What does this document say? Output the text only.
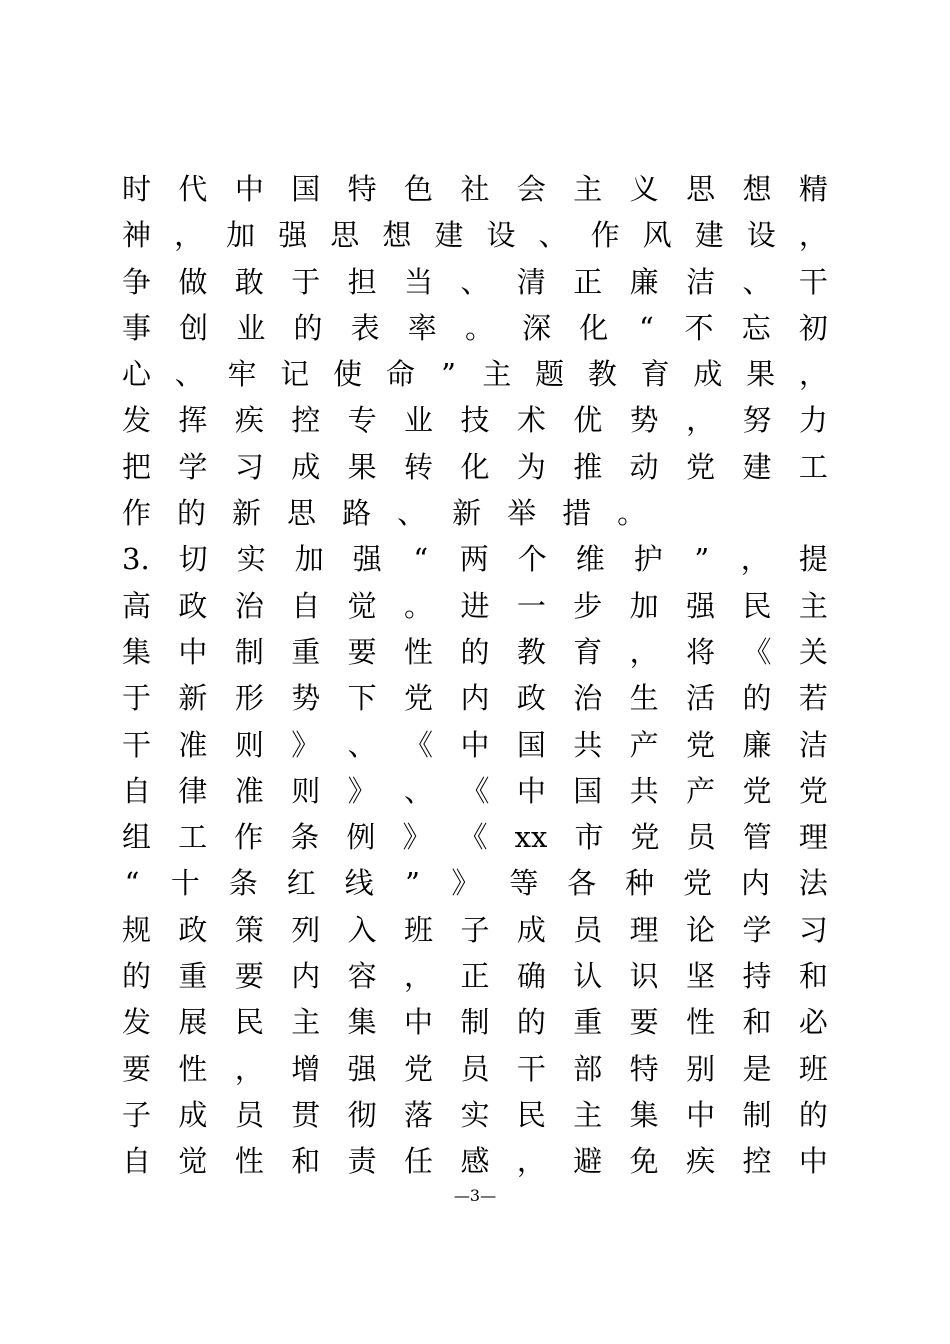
时 代 中 国 特 色 社 会 主 义 思 想 精
神 ， 加 强 思 想 建 设 、 作 风 建 设 ，
争 做 敢 于 担 当 、 清 正 廉 洁 、 干
事 创 业 的 表 率 。 深 化 “ 不 忘 初
心 、 牢 记 使 命 ” 主 题 教 育 成 果 ，
发 挥 疾 控 专 业 技 术 优 势 ， 努 力
把 学 习 成 果 转 化 为 推 动 党 建 工
作 的 新 思 路 、 新 举 措 。
3. 切 实 加 强 “ 两 个 维 护 ” ， 提
高 政 治 自 觉 。 进 一 步 加 强 民 主
集 中 制 重 要 性 的 教 育 ， 将 《 关
于 新 形 势 下 党 内 政 治 生 活 的 若
干 准 则 》 、 《 中 国 共 产 党 廉 洁
自 律 准 则 》 、 《 中 国 共 产 党 党
组 工 作 条 例 》 《 xx 市 党 员 管 理
“ 十 条 红 线 ” 》 等 各 种 党 内 法
规 政 策 列 入 班 子 成 员 理 论 学 习
的 重 要 内 容 ， 正 确 认 识 坚 持 和
发 展 民 主 集 中 制 的 重 要 性 和 必
要 性 ， 增 强 党 员 干 部 特 别 是 班
子 成 员 贯 彻 落 实 民 主 集 中 制 的
自 觉 性 和 责 任 感 ， 避 免 疾 控 中
—3—
